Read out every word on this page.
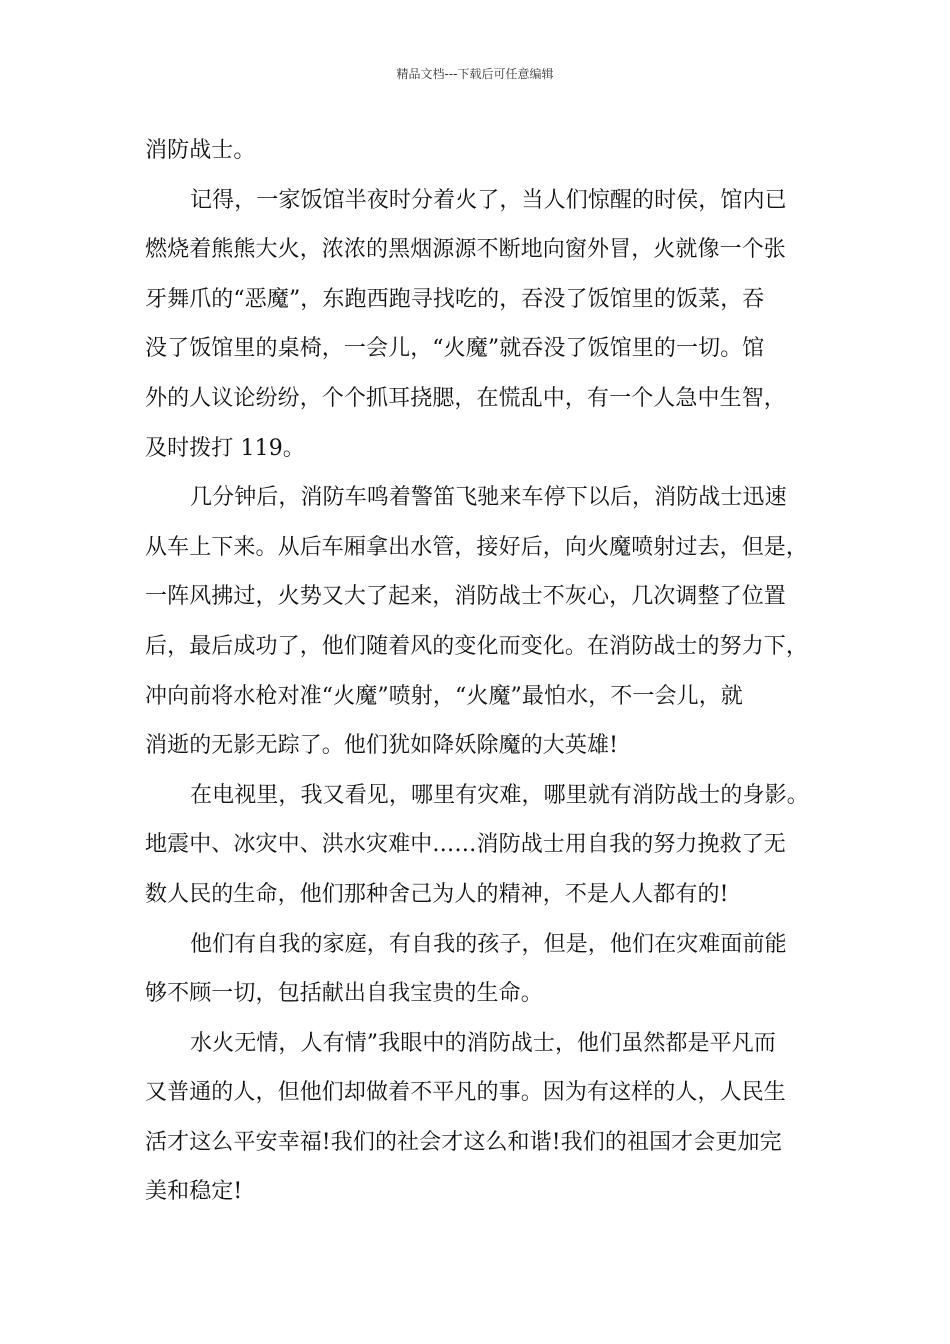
精品文档---下载后可任意编辑
消防战士。
记得，一家饭馆半夜时分着火了，当人们惊醒的时侯，馆内已
燃烧着熊熊大火，浓浓的黑烟源源不断地向窗外冒，火就像一个张
牙舞爪的“恶魔”，东跑西跑寻找吃的，吞没了饭馆里的饭菜，吞
没了饭馆里的桌椅，一会儿，“火魔”就吞没了饭馆里的一切。馆
外的人议论纷纷，个个抓耳挠腮，在慌乱中，有一个人急中生智，
及时拨打 119。
几分钟后，消防车鸣着警笛飞驰来车停下以后，消防战士迅速
从车上下来。从后车厢拿出水管，接好后，向火魔喷射过去，但是，
一阵风拂过，火势又大了起来，消防战士不灰心，几次调整了位置
后，最后成功了，他们随着风的变化而变化。在消防战士的努力下，
冲向前将水枪对准“火魔”喷射，“火魔”最怕水，不一会儿，就
消逝的无影无踪了。他们犹如降妖除魔的大英雄!
在电视里，我又看见，哪里有灾难，哪里就有消防战士的身影。
地震中、冰灾中、洪水灾难中……消防战士用自我的努力挽救了无
数人民的生命，他们那种舍己为人的精神，不是人人都有的!
他们有自我的家庭，有自我的孩子，但是，他们在灾难面前能
够不顾一切，包括献出自我宝贵的生命。
水火无情，人有情”我眼中的消防战士，他们虽然都是平凡而
又普通的人，但他们却做着不平凡的事。因为有这样的人，人民生
活才这么平安幸福!我们的社会才这么和谐!我们的祖国才会更加完
美和稳定!
